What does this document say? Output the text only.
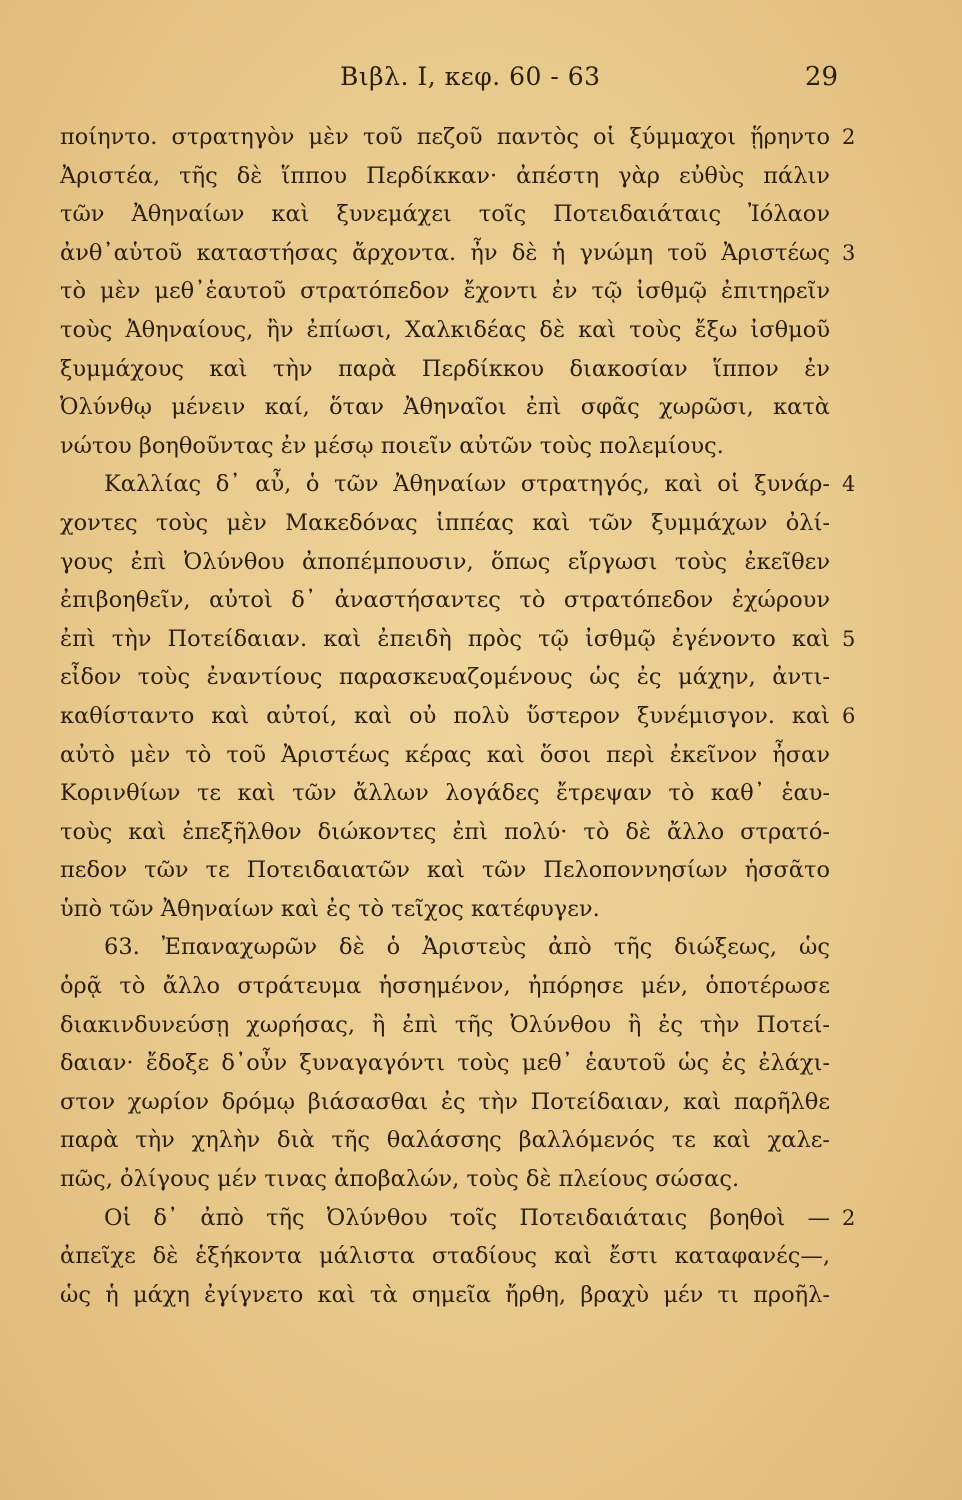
Βιβλ. Ι, κεφ. 60 - 63	29
ποίηντο. στρατηγὸν μὲν τοῦ πεζοῦ παντὸς οἱ ξύμμαχοι ᾕρηντο 2
Ἀριστέα, τῆς δὲ ἵππου Περδίκκαν· ἀπέστη γὰρ εὐθὺς πάλιν
τῶν Ἀθηναίων καὶ ξυνεμάχει τοῖς Ποτειδαιάταις Ἰόλαον
ἀνθ᾽αὑτοῦ καταστήσας ἄρχοντα. ἦν δὲ ἡ γνώμη τοῦ Ἀριστέως 3
τὸ μὲν μεθ᾽ἑαυτοῦ στρατόπεδον ἔχοντι ἐν τῷ ἰσθμῷ ἐπιτηρεῖν
τοὺς Ἀθηναίους, ἢν ἐπίωσι, Χαλκιδέας δὲ καὶ τοὺς ἔξω ἰσθμοῦ
ξυμμάχους καὶ τὴν παρὰ Περδίκκου διακοσίαν ἵππον ἐν
Ὀλύνθῳ μένειν καί, ὅταν Ἀθηναῖοι ἐπὶ σφᾶς χωρῶσι, κατὰ
νώτου βοηθοῦντας ἐν μέσῳ ποιεῖν αὐτῶν τοὺς πολεμίους.
Καλλίας δ᾽ αὖ, ὁ τῶν Ἀθηναίων στρατηγός, καὶ οἱ ξυνάρ- 4
χοντες τοὺς μὲν Μακεδόνας ἱππέας καὶ τῶν ξυμμάχων ὀλί-
γους ἐπὶ Ὀλύνθου ἀποπέμπουσιν, ὅπως εἴργωσι τοὺς ἐκεῖθεν
ἐπιβοηθεῖν, αὐτοὶ δ᾽ ἀναστήσαντες τὸ στρατόπεδον ἐχώρουν
ἐπὶ τὴν Ποτείδαιαν. καὶ ἐπειδὴ πρὸς τῷ ἰσθμῷ ἐγένοντο καὶ 5
εἶδον τοὺς ἐναντίους παρασκευαζομένους ὡς ἐς μάχην, ἀντι-
καθίσταντο καὶ αὐτοί, καὶ οὐ πολὺ ὕστερον ξυνέμισγον. καὶ 6
αὐτὸ μὲν τὸ τοῦ Ἀριστέως κέρας καὶ ὅσοι περὶ ἐκεῖνον ἦσαν
Κορινθίων τε καὶ τῶν ἄλλων λογάδες ἔτρεψαν τὸ καθ᾽ ἑαυ-
τοὺς καὶ ἐπεξῆλθον διώκοντες ἐπὶ πολύ· τὸ δὲ ἄλλο στρατό-
πεδον τῶν τε Ποτειδαιατῶν καὶ τῶν Πελοποννησίων ἡσσᾶτο
ὑπὸ τῶν Ἀθηναίων καὶ ἐς τὸ τεῖχος κατέφυγεν.
63. Ἐπαναχωρῶν δὲ ὁ Ἀριστεὺς ἀπὸ τῆς διώξεως, ὡς
ὁρᾷ τὸ ἄλλο στράτευμα ἡσσημένον, ἠπόρησε μέν, ὁποτέρωσε
διακινδυνεύσῃ χωρήσας, ἢ ἐπὶ τῆς Ὀλύνθου ἢ ἐς τὴν Ποτεί-
δαιαν· ἔδοξε δ᾽οὖν ξυναγαγόντι τοὺς μεθ᾽ ἑαυτοῦ ὡς ἐς ἐλάχι-
στον χωρίον δρόμῳ βιάσασθαι ἐς τὴν Ποτείδαιαν, καὶ παρῆλθε
παρὰ τὴν χηλὴν διὰ τῆς θαλάσσης βαλλόμενός τε καὶ χαλε-
πῶς, ὀλίγους μέν τινας ἀποβαλών, τοὺς δὲ πλείους σώσας.
Οἱ δ᾽ ἀπὸ τῆς Ὀλύνθου τοῖς Ποτειδαιάταις βοηθοὶ — 2
ἀπεῖχε δὲ ἑξήκοντα μάλιστα σταδίους καὶ ἔστι καταφανές—,
ὡς ἡ μάχη ἐγίγνετο καὶ τὰ σημεῖα ἤρθη, βραχὺ μέν τι προῆλ-
